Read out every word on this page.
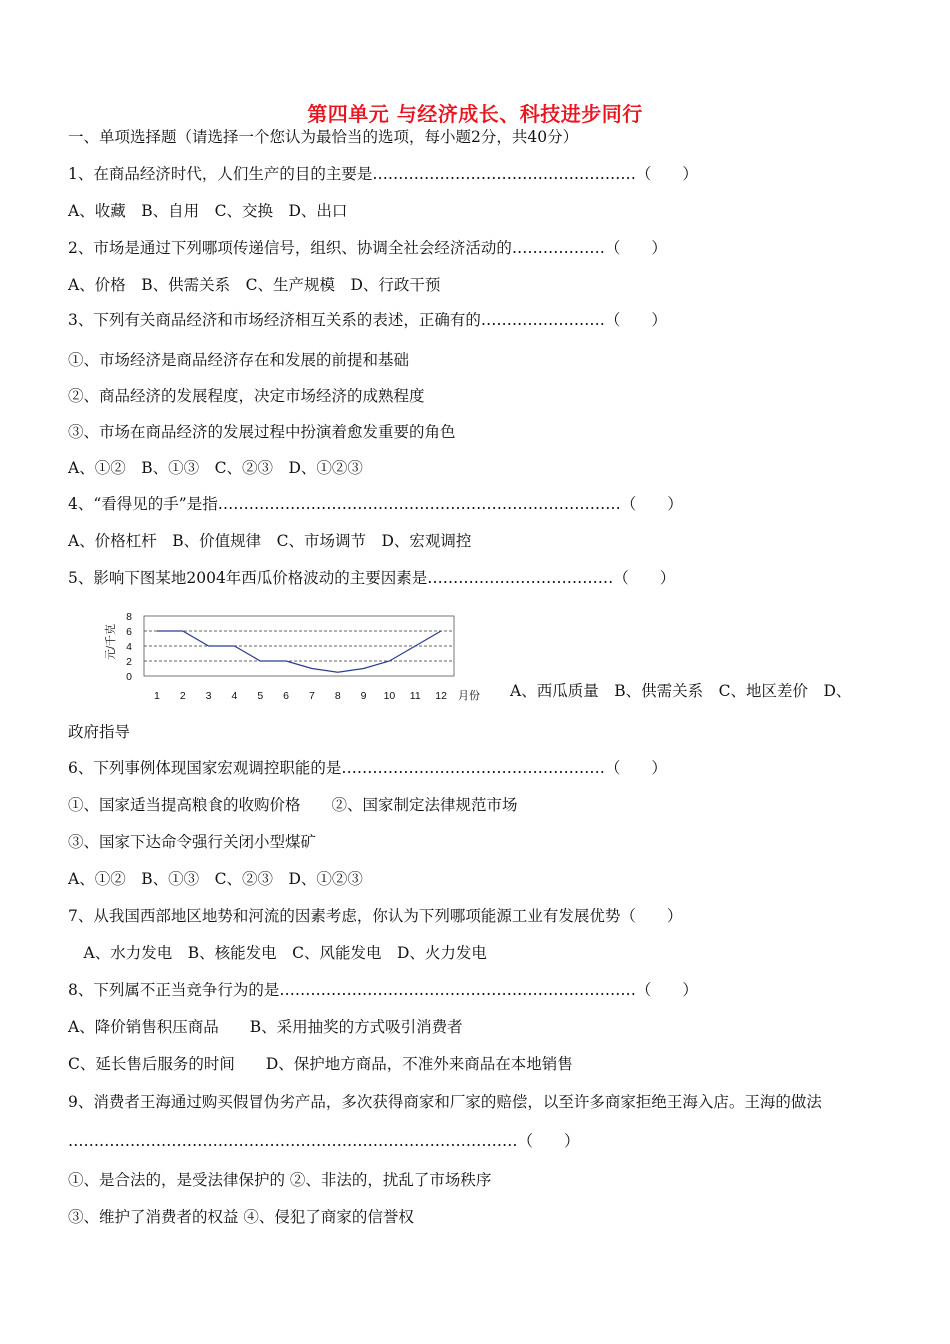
第四单元 与经济成长、科技进步同行
一、单项选择题（请选择一个您认为最恰当的选项，每小题2分，共40分）
1、在商品经济时代，人们生产的目的主要是……………………………………………（　　）
A、收藏　B、自用　C、交换　D、出口
2、市场是通过下列哪项传递信号，组织、协调全社会经济活动的………………（　　）
A、价格　B、供需关系　C、生产规模　D、行政干预
3、下列有关商品经济和市场经济相互关系的表述，正确有的……………………（　　）
①、市场经济是商品经济存在和发展的前提和基础
②、商品经济的发展程度，决定市场经济的成熟程度
③、市场在商品经济的发展过程中扮演着愈发重要的角色
A、①②　B、①③　C、②③　D、①②③
4、“看得见的手”是指……………………………………………………………………（　　）
A、价格杠杆　B、价值规律　C、市场调节　D、宏观调控
5、影响下图某地2004年西瓜价格波动的主要因素是………………………………（　　）
元/千克
0
2
4
6
8
1 2 3 4 5 6 7 8 9 10 11 12 月份 A、西瓜质量　B、供需关系　C、地区差价　D、
政府指导
6、下列事例体现国家宏观调控职能的是……………………………………………（　　）
①、国家适当提高粮食的收购价格　　②、国家制定法律规范市场
③、国家下达命令强行关闭小型煤矿
A、①②　B、①③　C、②③　D、①②③
7、从我国西部地区地势和河流的因素考虑，你认为下列哪项能源工业有发展优势（　　）
　A、水力发电　B、核能发电　C、风能发电　D、火力发电
8、下列属不正当竞争行为的是……………………………………………………………（　　）
A、降价销售积压商品　　B、采用抽奖的方式吸引消费者
C、延长售后服务的时间　　D、保护地方商品，不准外来商品在本地销售
9、消费者王海通过购买假冒伪劣产品，多次获得商家和厂家的赔偿，以至许多商家拒绝王海入店。王海的做法
……………………………………………………………………………（　　）
①、是合法的，是受法律保护的 ②、非法的，扰乱了市场秩序
③、维护了消费者的权益 ④、侵犯了商家的信誉权
